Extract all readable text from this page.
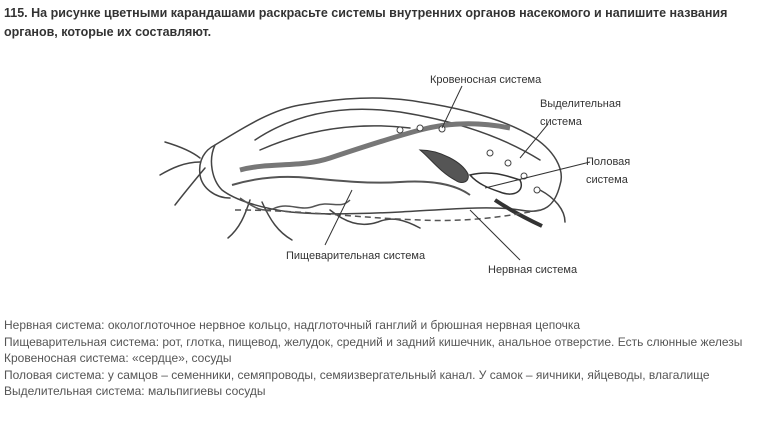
115. На рисунке цветными карандашами раскрасьте системы внутренних органов насекомого и напишите названия органов, которые их составляют.
Кровеносная система
Выделительная
система
Половая
система
Пищеварительная система
Нервная система

Нервная система: окологлоточное нервное кольцо, надглоточный ганглий и брюшная нервная цепочка

Пищеварительная система: рот, глотка, пищевод, желудок, средний и задний кишечник, анальное отверстие. Есть слюнные железы

Кровеносная система: «сердце», сосуды

Половая система: у самцов – семенники, семяпроводы, семяизвергательный канал. У самок – яичники, яйцеводы, влагалище

Выделительная система: мальпигиевы сосуды
